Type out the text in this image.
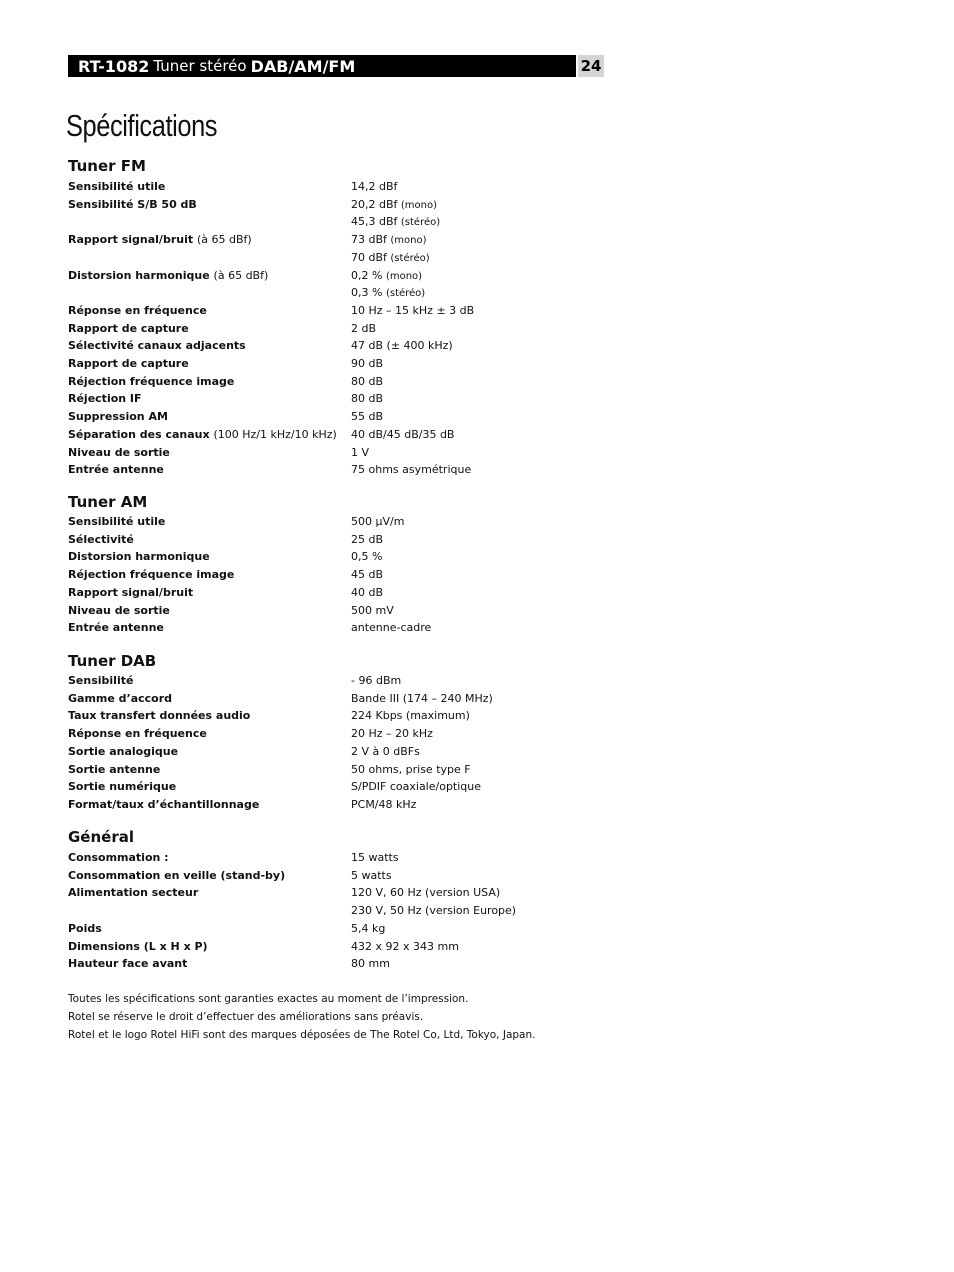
RT-1082 Tuner stéréo DAB/AM/FM	24
Spécifications
Tuner FM
Sensibilité utile	14,2 dBf
Sensibilité S/B 50 dB	20,2 dBf (mono)
45,3 dBf (stéréo)
Rapport signal/bruit (à 65 dBf)	73 dBf (mono)
70 dBf (stéréo)
Distorsion harmonique (à 65 dBf)	0,2 % (mono)
0,3 % (stéréo)
Réponse en fréquence	10 Hz – 15 kHz ± 3 dB
Rapport de capture	2 dB
Sélectivité canaux adjacents	47 dB (± 400 kHz)
Rapport de capture	90 dB
Réjection fréquence image	80 dB
Réjection IF	80 dB
Suppression AM	55 dB
Séparation des canaux (100 Hz/1 kHz/10 kHz) 40 dB/45 dB/35 dB
Niveau de sortie	1 V
Entrée antenne	75 ohms asymétrique
Tuner AM
Sensibilité utile	500 µV/m
Sélectivité	25 dB
Distorsion harmonique	0,5 %
Réjection fréquence image	45 dB
Rapport signal/bruit	40 dB
Niveau de sortie	500 mV
Entrée antenne	antenne-cadre
Tuner DAB
Sensibilité	- 96 dBm
Gamme d’accord	Bande III (174 – 240 MHz)
Taux transfert données audio	224 Kbps (maximum)
Réponse en fréquence	20 Hz – 20 kHz
Sortie analogique	2 V à 0 dBFs
Sortie antenne	50 ohms, prise type F
Sortie numérique	S/PDIF coaxiale/optique
Format/taux d’échantillonnage	PCM/48 kHz
Général
Consommation :	15 watts
Consommation en veille (stand-by)	5 watts
Alimentation secteur	120 V, 60 Hz (version USA)
230 V, 50 Hz (version Europe)
Poids	5,4 kg
Dimensions (L x H x P)	432 x 92 x 343 mm
Hauteur face avant	80 mm
Toutes les spécifications sont garanties exactes au moment de l’impression.
Rotel se réserve le droit d’effectuer des améliorations sans préavis.
Rotel et le logo Rotel HiFi sont des marques déposées de The Rotel Co, Ltd, Tokyo, Japan.
